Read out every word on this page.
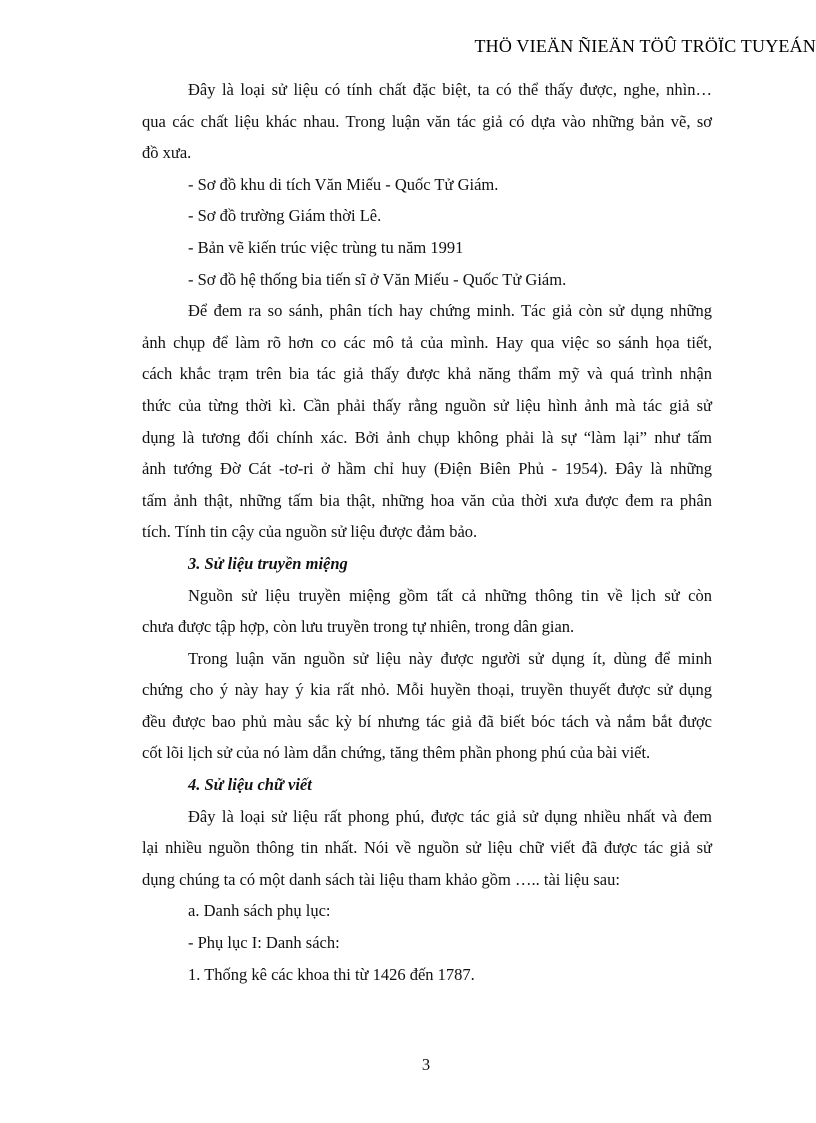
THÖ VIEÄN ÑIEÄN TÖÛ TRÖÏC TUYEÁN
Đây là loại sử liệu có tính chất đặc biệt, ta có thể thấy được, nghe, nhìn…
qua các chất liệu khác nhau. Trong luận văn tác giả có dựa vào những bản vẽ, sơ
đồ xưa.
- Sơ đồ khu di tích Văn Miếu - Quốc Tử Giám.
- Sơ đồ trường Giám thời Lê.
- Bản vẽ kiến trúc việc trùng tu năm 1991
- Sơ đồ hệ thống bia tiến sĩ ở Văn Miếu - Quốc Tử Giám.
Để đem ra so sánh, phân tích hay chứng minh. Tác giả còn sử dụng những
ảnh chụp để làm rõ hơn co các mô tả của mình. Hay qua việc so sánh họa tiết,
cách khắc trạm trên bia tác giả thấy được khả năng thẩm mỹ và quá trình nhận
thức của từng thời kì. Cần phải thấy rằng nguồn sử liệu hình ảnh mà tác giả sử
dụng là tương đối chính xác. Bởi ảnh chụp không phải là sự “làm lại” như tấm
ảnh tướng Đờ Cát -tơ-ri ở hầm chỉ huy (Điện Biên Phủ - 1954). Đây là những
tấm ảnh thật, những tấm bia thật, những hoa văn của thời xưa được đem ra phân
tích. Tính tin cậy của nguồn sử liệu được đảm bảo.
3. Sử liệu truyền miệng
Nguồn sử liệu truyền miệng gồm tất cả những thông tin về lịch sử còn
chưa được tập hợp, còn lưu truyền trong tự nhiên, trong dân gian.
Trong luận văn nguồn sử liệu này được người sử dụng ít, dùng để minh
chứng cho ý này hay ý kia rất nhỏ. Mỗi huyền thoại, truyền thuyết được sử dụng
đều được bao phủ màu sắc kỳ bí nhưng tác giả đã biết bóc tách và nắm bắt được
cốt lõi lịch sử của nó làm dẫn chứng, tăng thêm phần phong phú của bài viết.
4. Sử liệu chữ viết
Đây là loại sử liệu rất phong phú, được tác giả sử dụng nhiều nhất và đem
lại nhiều nguồn thông tin nhất. Nói về nguồn sử liệu chữ viết đã được tác giả sử
dụng chúng ta có một danh sách tài liệu tham khảo gồm ….. tài liệu sau:
a. Danh sách phụ lục:
- Phụ lục I: Danh sách:
1. Thống kê các khoa thi từ 1426 đến 1787.
3
